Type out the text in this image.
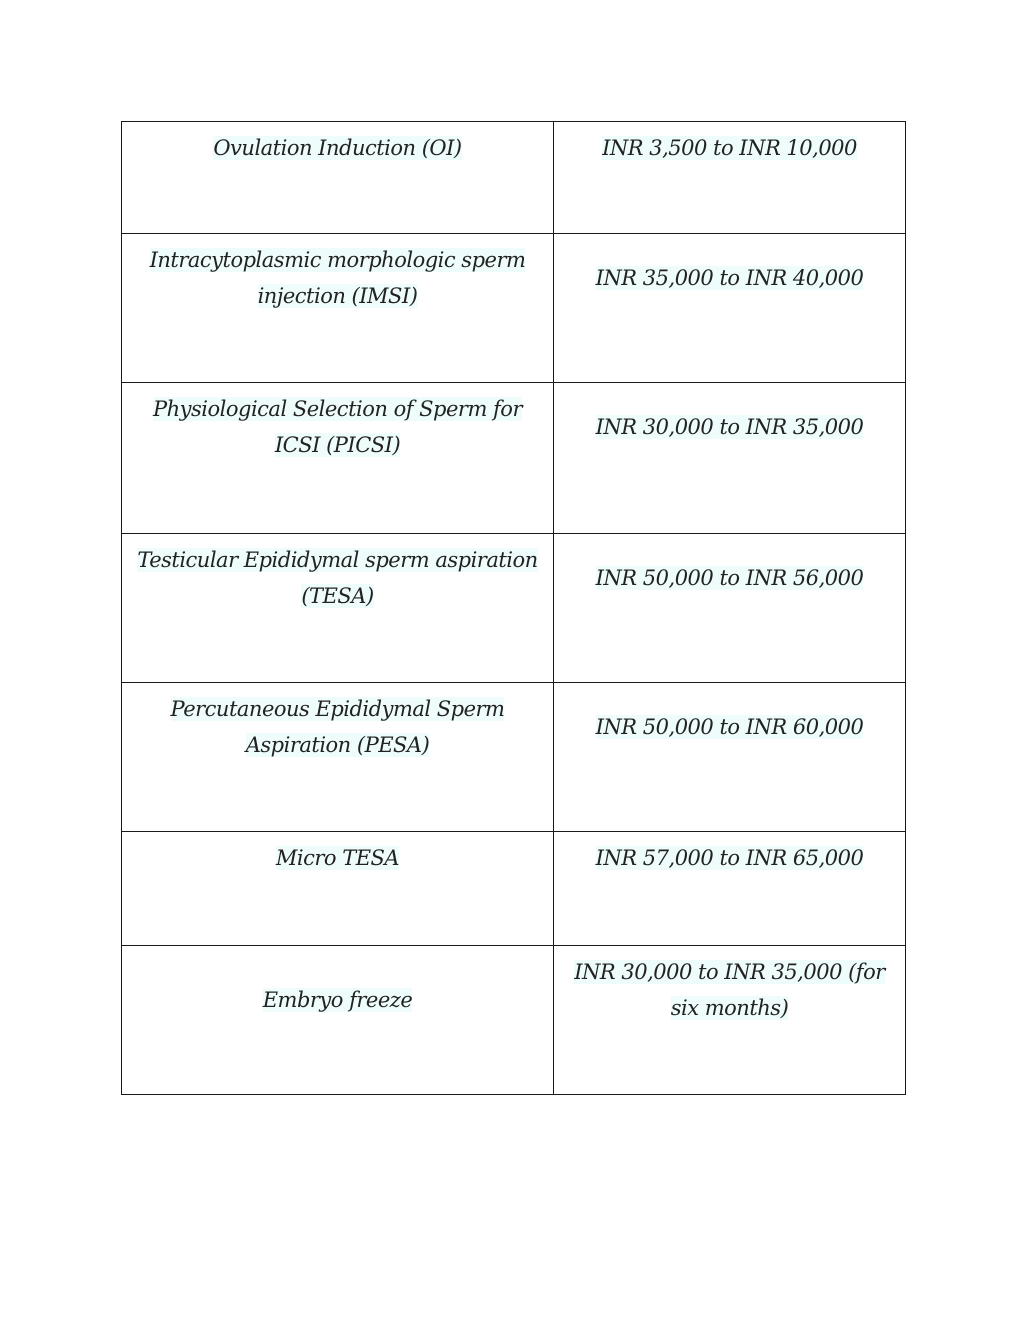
Ovulation Induction (OI)	INR 3,500 to INR 10,000

Intracytoplasmic morphologic sperm injection (IMSI)	INR 35,000 to INR 40,000

Physiological Selection of Sperm for ICSI (PICSI)	INR 30,000 to INR 35,000

Testicular Epididymal sperm aspiration (TESA)	INR 50,000 to INR 56,000

Percutaneous Epididymal Sperm Aspiration (PESA)	INR 50,000 to INR 60,000

Micro TESA	INR 57,000 to INR 65,000

Embryo freeze	INR 30,000 to INR 35,000 (for six months)
